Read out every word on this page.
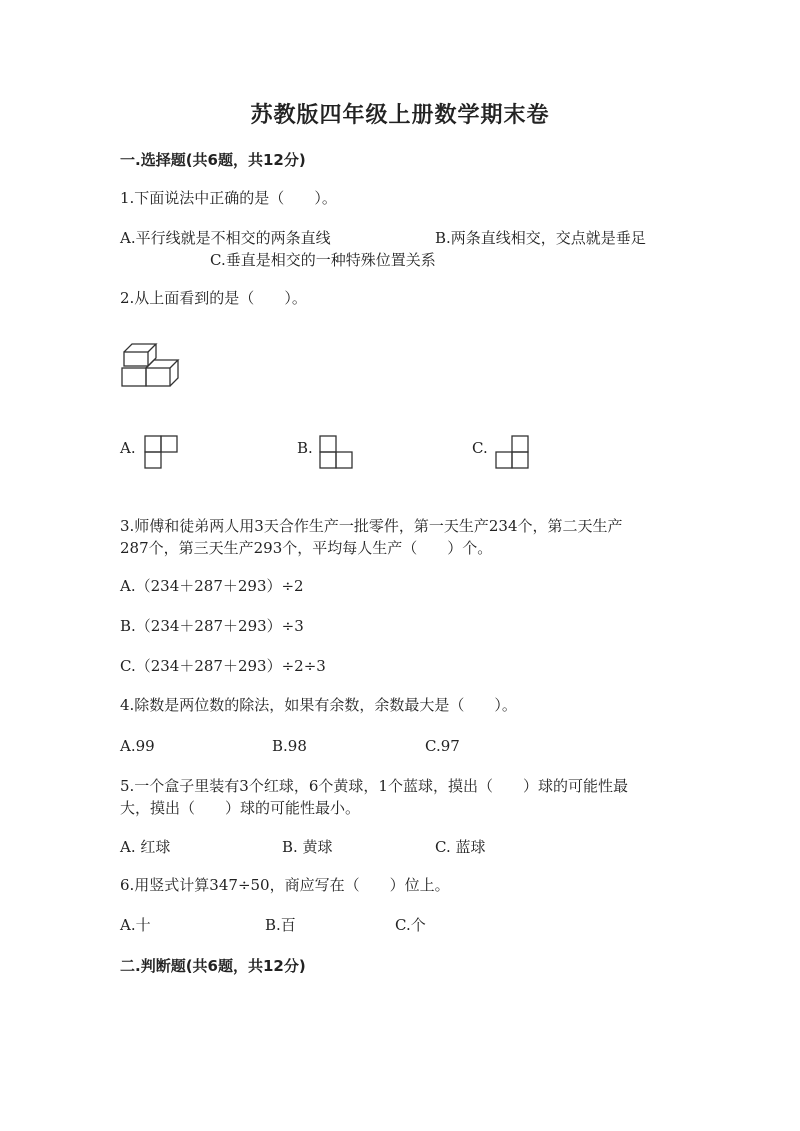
苏教版四年级上册数学期末卷
一.选择题(共6题，共12分)
1.下面说法中正确的是（　　）。
A.平行线就是不相交的两条直线	B.两条直线相交，交点就是垂足
C.垂直是相交的一种特殊位置关系
2.从上面看到的是（　　）。
A.	B.	C.
3.师傅和徒弟两人用3天合作生产一批零件，第一天生产234个，第二天生产
287个，第三天生产293个，平均每人生产（　　）个。
A.（234＋287＋293）÷2
B.（234＋287＋293）÷3
C.（234＋287＋293）÷2÷3
4.除数是两位数的除法，如果有余数，余数最大是（　　）。
A.99	B.98	C.97
5.一个盒子里装有3个红球，6个黄球，1个蓝球，摸出（　　）球的可能性最
大，摸出（　　）球的可能性最小。
A. 红球	B. 黄球	C. 蓝球
6.用竖式计算347÷50，商应写在（　　）位上。
A.十	B.百	C.个
二.判断题(共6题，共12分)
